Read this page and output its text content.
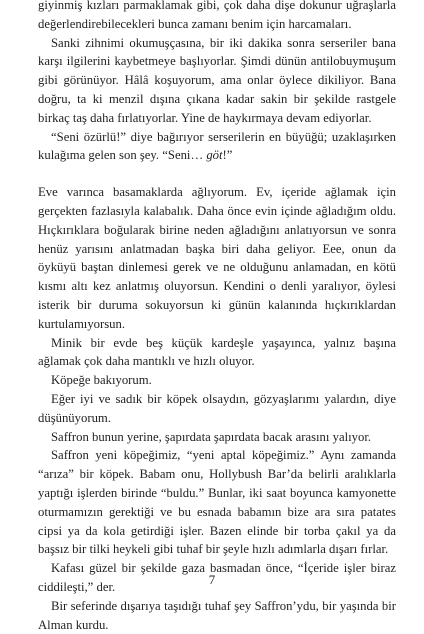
giyinmiş kızları parmaklamak gibi, çok daha dişe dokunur uğraşlarla değerlendirebilecekleri bunca zamanı benim için harcamaları.

Sanki zihnimi okumuşçasına, bir iki dakika sonra serseriler bana karşı ilgilerini kaybetmeye başlıyorlar. Şimdi dünün antilobuymuşum gibi görünüyor. Hâlâ koşuyorum, ama onlar öylece dikiliyor. Bana doğru, ta ki menzil dışına çıkana kadar sakin bir şekilde rastgele birkaç taş daha fırlatıyorlar. Yine de haykırmaya devam ediyorlar.

“Seni özürlü!” diye bağırıyor serserilerin en büyüğü; uzaklaşırken kulağıma gelen son şey. “Seni… göt!”

Eve varınca basamaklarda ağlıyorum. Ev, içeride ağlamak için gerçekten fazlasıyla kalabalık. Daha önce evin içinde ağladığım oldu. Hıçkırıklara boğularak birine neden ağladığını anlatıyorsun ve sonra henüz yarısını anlatmadan başka biri daha geliyor. Eee, onun da öyküyü baştan dinlemesi gerek ve ne olduğunu anlamadan, en kötü kısmı altı kez anlatmış oluyorsun. Kendini o denli yaralıyor, öylesi isterik bir duruma sokuyorsun ki günün kalanında hıçkırıklardan kurtulamıyorsun.

Minik bir evde beş küçük kardeşle yaşayınca, yalnız başına ağlamak çok daha mantıklı ve hızlı oluyor.

Köpeğe bakıyorum.

Eğer iyi ve sadık bir köpek olsaydın, gözyaşlarımı yalardın, diye düşünüyorum.

Saffron bunun yerine, şapırdata şapırdata bacak arasını yalıyor.

Saffron yeni köpeğimiz, “yeni aptal köpeğimiz.” Aynı zamanda “arıza” bir köpek. Babam onu, Hollybush Bar’da belirli aralıklarla yaptığı işlerden birinde “buldu.” Bunlar, iki saat boyunca kamyonette oturmamızın gerektiği ve bu esnada babamın bize ara sıra patates cipsi ya da kola getirdiği işler. Bazen elinde bir torba çakıl ya da başsız bir tilki heykeli gibi tuhaf bir şeyle hızlı adımlarla dışarı fırlar.

Kafası güzel bir şekilde gaza basmadan önce, “İçeride işler biraz ciddileşti,” der.

Bir seferinde dışarıya taşıdığı tuhaf şey Saffron’ydu, bir yaşında bir Alman kurdu.

7
